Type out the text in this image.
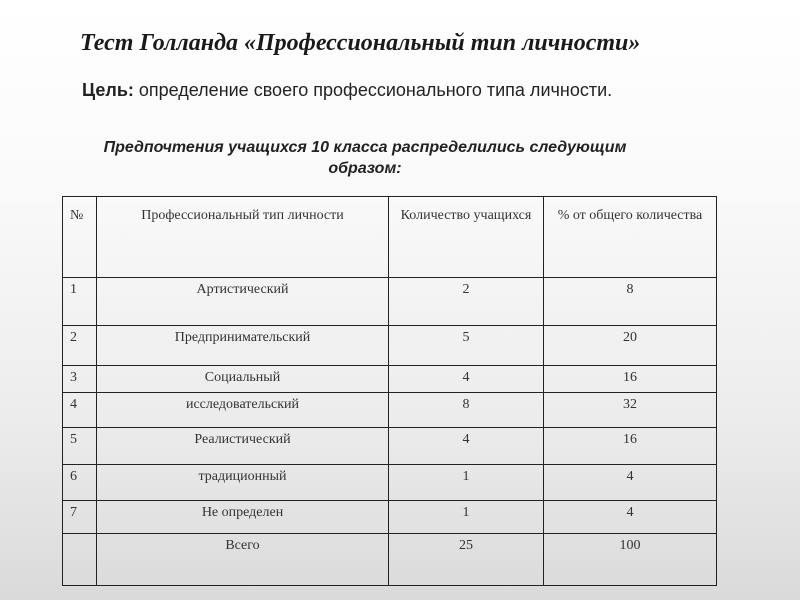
Тест Голланда «Профессиональный тип личности»
Цель: определение своего профессионального типа личности.
Предпочтения учащихся 10 класса распределились следующим образом:
№	Профессиональный тип личности	Количество учащихся	% от общего количества
1	Артистический	2	8
2	Предпринимательский	5	20
3	Социальный	4	16
4	исследовательский	8	32
5	Реалистический	4	16
6	традиционный	1	4
7	Не определен	1	4
	Всего	25	100
